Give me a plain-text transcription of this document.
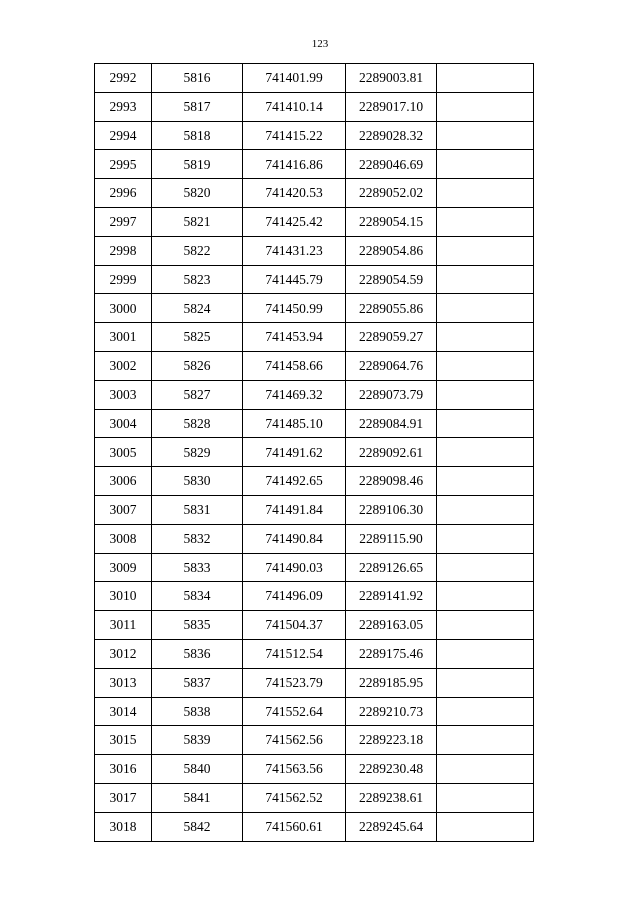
123
2992	5816	741401.99	2289003.81	
2993	5817	741410.14	2289017.10	
2994	5818	741415.22	2289028.32	
2995	5819	741416.86	2289046.69	
2996	5820	741420.53	2289052.02	
2997	5821	741425.42	2289054.15	
2998	5822	741431.23	2289054.86	
2999	5823	741445.79	2289054.59	
3000	5824	741450.99	2289055.86	
3001	5825	741453.94	2289059.27	
3002	5826	741458.66	2289064.76	
3003	5827	741469.32	2289073.79	
3004	5828	741485.10	2289084.91	
3005	5829	741491.62	2289092.61	
3006	5830	741492.65	2289098.46	
3007	5831	741491.84	2289106.30	
3008	5832	741490.84	2289115.90	
3009	5833	741490.03	2289126.65	
3010	5834	741496.09	2289141.92	
3011	5835	741504.37	2289163.05	
3012	5836	741512.54	2289175.46	
3013	5837	741523.79	2289185.95	
3014	5838	741552.64	2289210.73	
3015	5839	741562.56	2289223.18	
3016	5840	741563.56	2289230.48	
3017	5841	741562.52	2289238.61	
3018	5842	741560.61	2289245.64	
